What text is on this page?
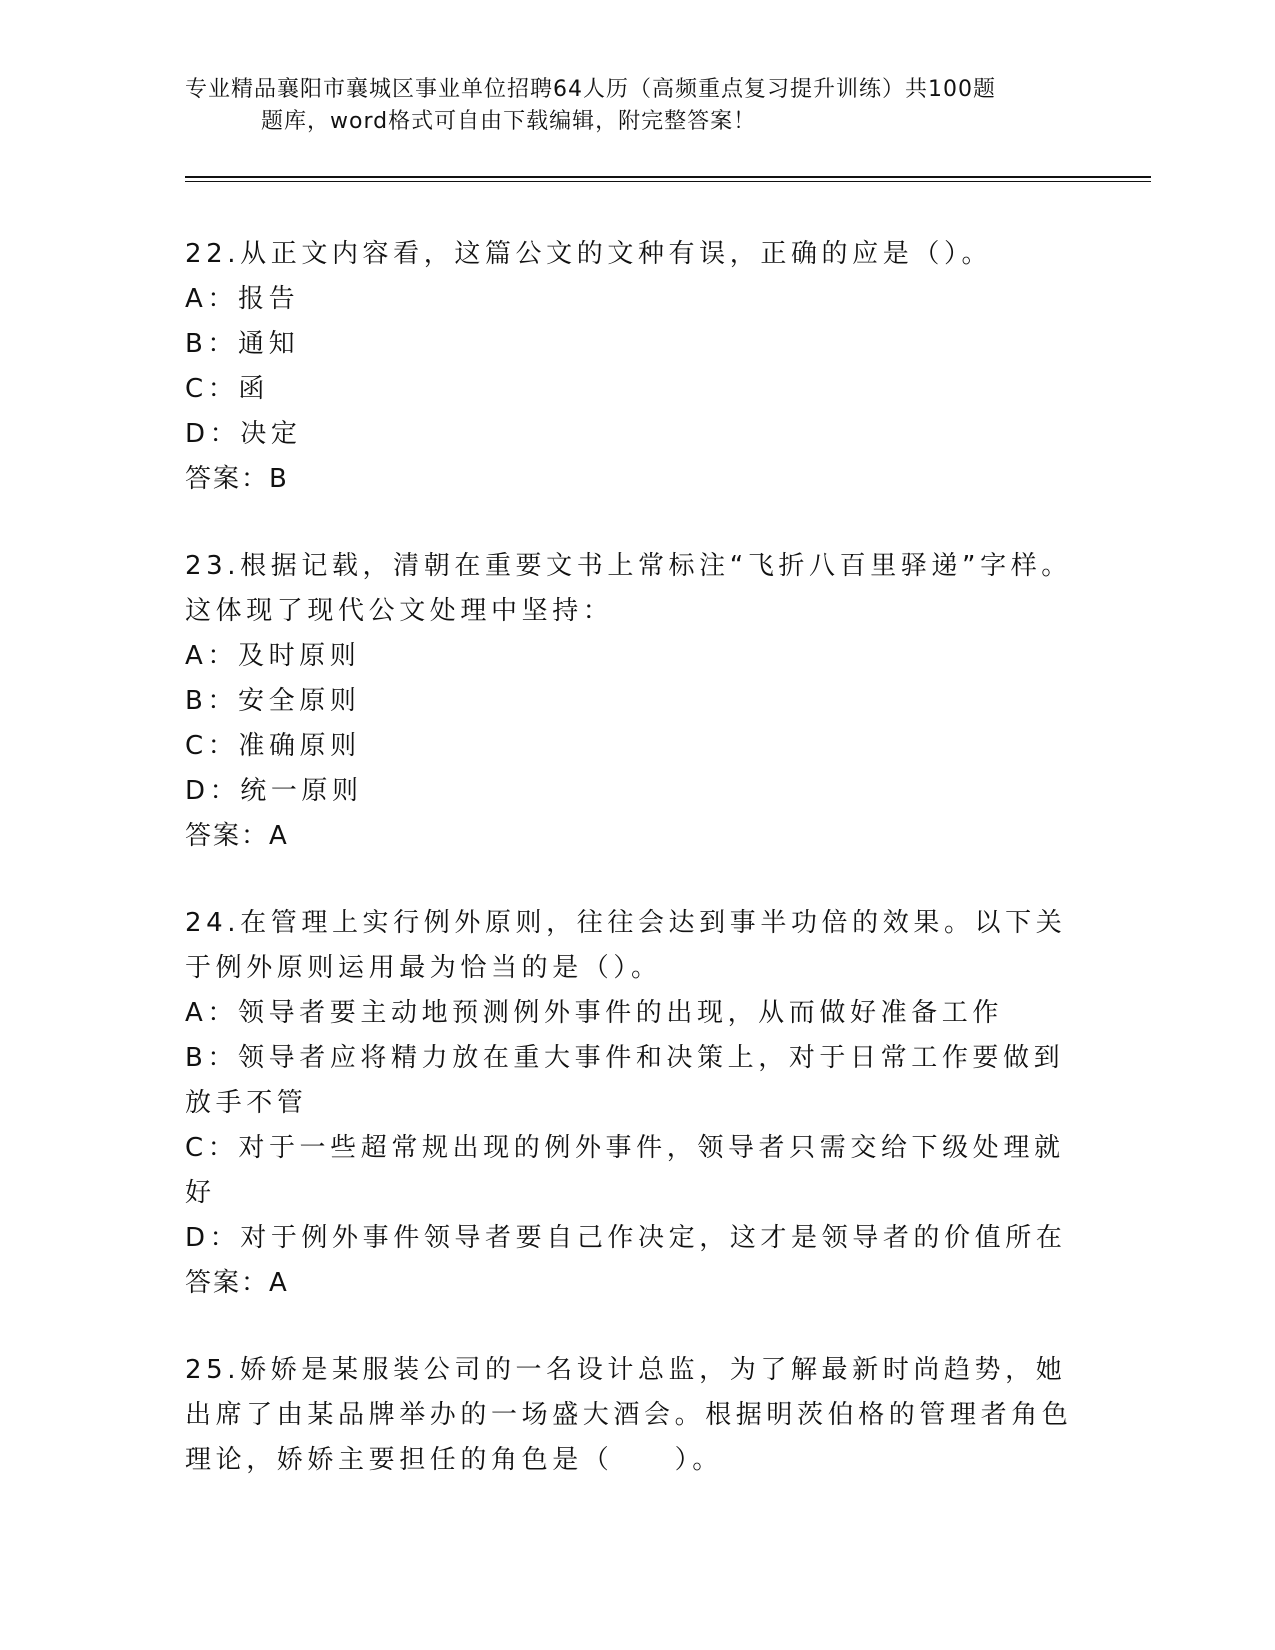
专业精品襄阳市襄城区事业单位招聘64人历（高频重点复习提升训练）共100题
题库，word格式可自由下载编辑，附完整答案！

22.从正文内容看，这篇公文的文种有误，正确的应是（）。

A：报告

B：通知

C：函

D：决定

答案：B

23.根据记载，清朝在重要文书上常标注“飞折八百里驿递”字样。这体现了现代公文处理中坚持：

A：及时原则

B：安全原则

C：准确原则

D：统一原则

答案：A

24.在管理上实行例外原则，往往会达到事半功倍的效果。以下关于例外原则运用最为恰当的是（）。

A：领导者要主动地预测例外事件的出现，从而做好准备工作

B：领导者应将精力放在重大事件和决策上，对于日常工作要做到放手不管

C：对于一些超常规出现的例外事件，领导者只需交给下级处理就好

D：对于例外事件领导者要自己作决定，这才是领导者的价值所在

答案：A

25.娇娇是某服装公司的一名设计总监，为了解最新时尚趋势，她出席了由某品牌举办的一场盛大酒会。根据明茨伯格的管理者角色理论，娇娇主要担任的角色是（　　）。
